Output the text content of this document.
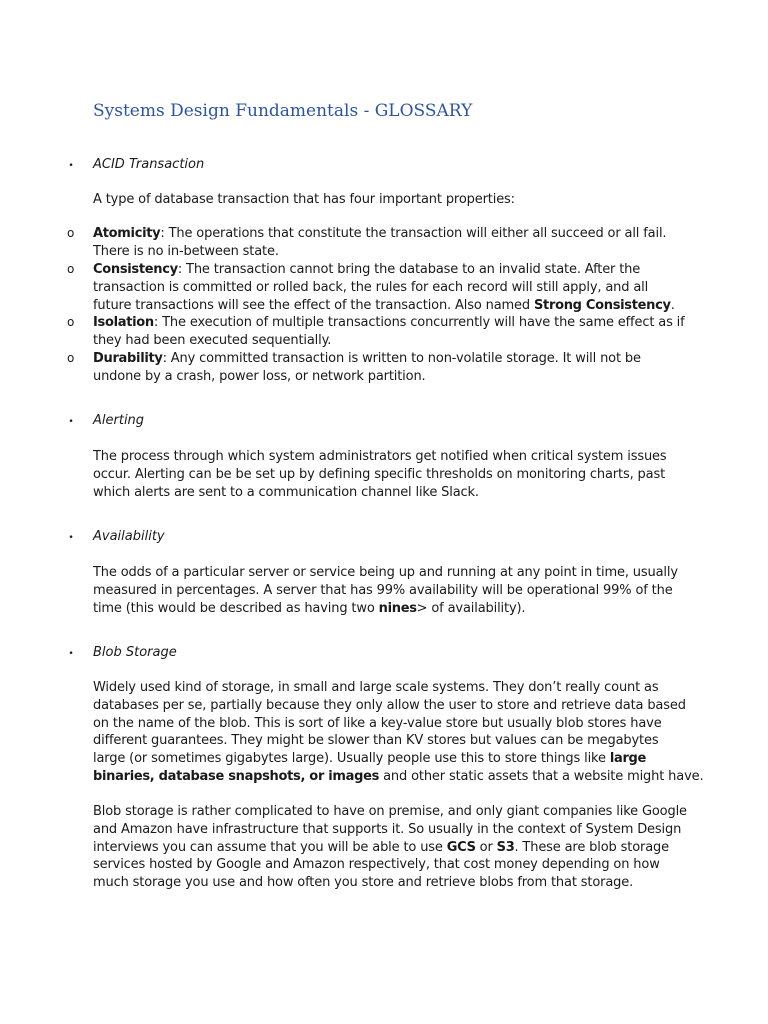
Systems Design Fundamentals - GLOSSARY
• ACID Transaction
A type of database transaction that has four important properties:
o Atomicity: The operations that constitute the transaction will either all succeed or all fail.
There is no in-between state.
o Consistency: The transaction cannot bring the database to an invalid state. After the
transaction is committed or rolled back, the rules for each record will still apply, and all
future transactions will see the effect of the transaction. Also named Strong Consistency.
o Isolation: The execution of multiple transactions concurrently will have the same effect as if
they had been executed sequentially.
o Durability: Any committed transaction is written to non-volatile storage. It will not be
undone by a crash, power loss, or network partition.
• Alerting
The process through which system administrators get notified when critical system issues
occur. Alerting can be be set up by defining specific thresholds on monitoring charts, past
which alerts are sent to a communication channel like Slack.
• Availability
The odds of a particular server or service being up and running at any point in time, usually
measured in percentages. A server that has 99% availability will be operational 99% of the
time (this would be described as having two nines> of availability).
• Blob Storage
Widely used kind of storage, in small and large scale systems. They don’t really count as
databases per se, partially because they only allow the user to store and retrieve data based
on the name of the blob. This is sort of like a key-value store but usually blob stores have
different guarantees. They might be slower than KV stores but values can be megabytes
large (or sometimes gigabytes large). Usually people use this to store things like large
binaries, database snapshots, or images and other static assets that a website might have.
Blob storage is rather complicated to have on premise, and only giant companies like Google
and Amazon have infrastructure that supports it. So usually in the context of System Design
interviews you can assume that you will be able to use GCS or S3. These are blob storage
services hosted by Google and Amazon respectively, that cost money depending on how
much storage you use and how often you store and retrieve blobs from that storage.
